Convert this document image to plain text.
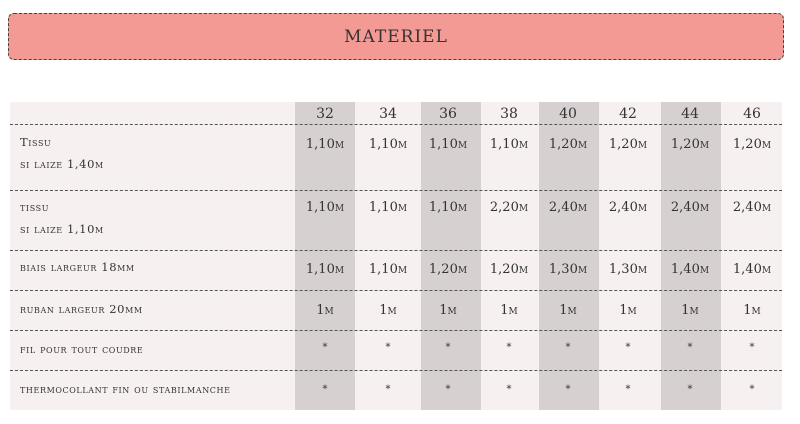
MATERIEL
32	34	36	38	40	42	44	46
Tissu
si laize 1,40m
1,10m	1,10m	1,10m	1,10m	1,20m	1,20m	1,20m	1,20m
tissu
si laize 1,10m
1,10m	1,10m	1,10m	2,20m	2,40m	2,40m	2,40m	2,40m
biais largeur 18mm	1,10m	1,10m	1,20m	1,20m	1,30m	1,30m	1,40m	1,40m
ruban largeur 20mm	1m	1m	1m	1m	1m	1m	1m	1m
fil pour tout coudre	*	*	*	*	*	*	*	*
thermocollant fin ou stabilmanche	*	*	*	*	*	*	*	*
